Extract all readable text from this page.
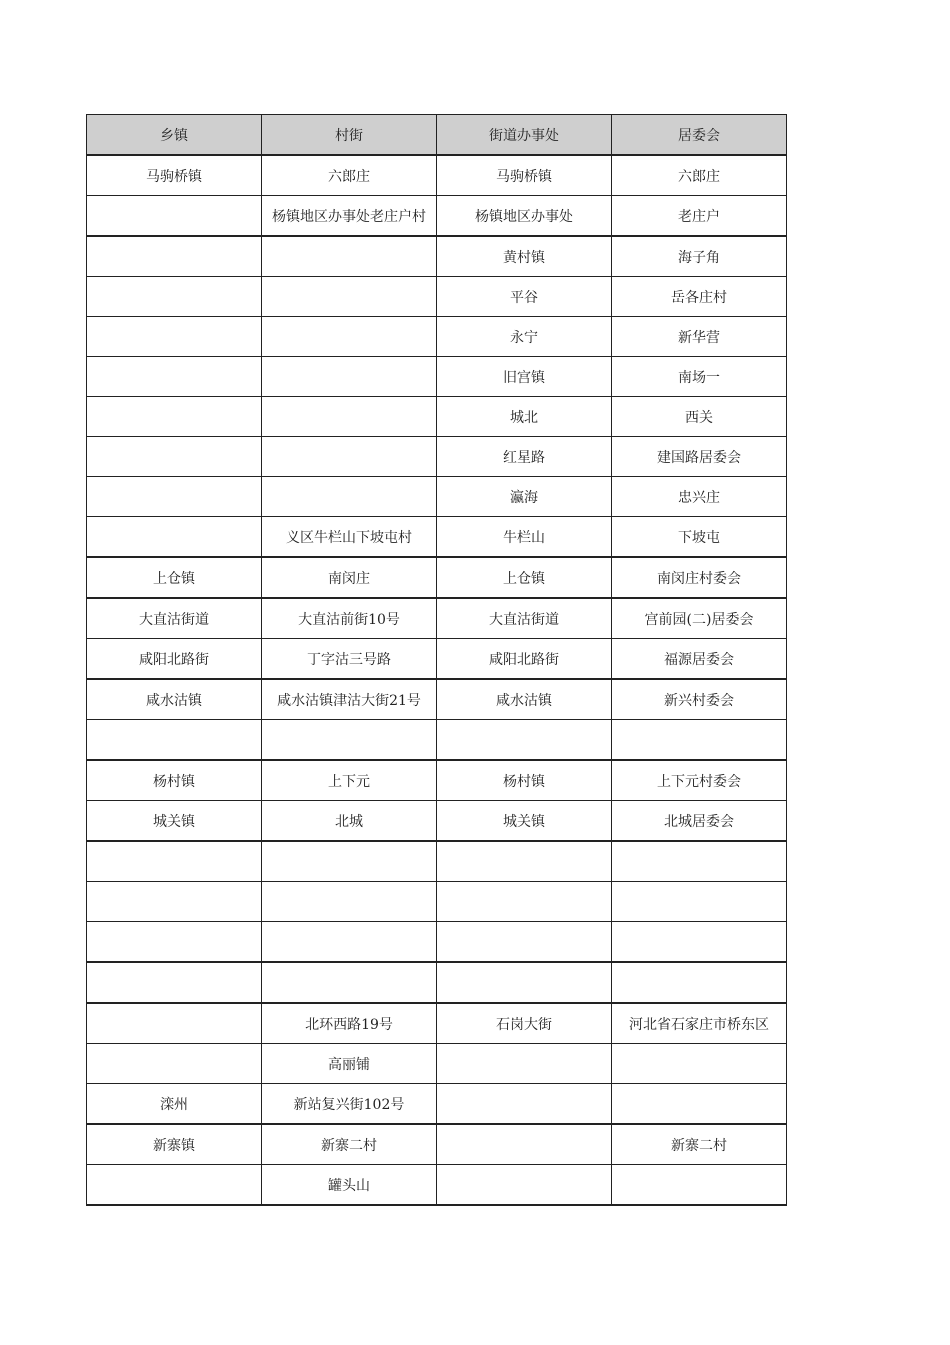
乡镇	村街	街道办事处	居委会
马驹桥镇	六郎庄	马驹桥镇	六郎庄
	杨镇地区办事处老庄户村	杨镇地区办事处	老庄户
		黄村镇	海子角
		平谷	岳各庄村
		永宁	新华营
		旧宫镇	南场一
		城北	西关
		红星路	建国路居委会
		瀛海	忠兴庄
	义区牛栏山下坡屯村	牛栏山	下坡屯
上仓镇	南闵庄	上仓镇	南闵庄村委会
大直沽街道	大直沽前街10号	大直沽街道	宫前园(二)居委会
咸阳北路街	丁字沽三号路	咸阳北路街	福源居委会
咸水沽镇	咸水沽镇津沽大街21号	咸水沽镇	新兴村委会

杨村镇	上下元	杨村镇	上下元村委会
城关镇	北城	城关镇	北城居委会

	北环西路19号	石岗大街	河北省石家庄市桥东区
	高丽铺		
滦州	新站复兴街102号		
新寨镇	新寨二村		新寨二村
	罐头山		
